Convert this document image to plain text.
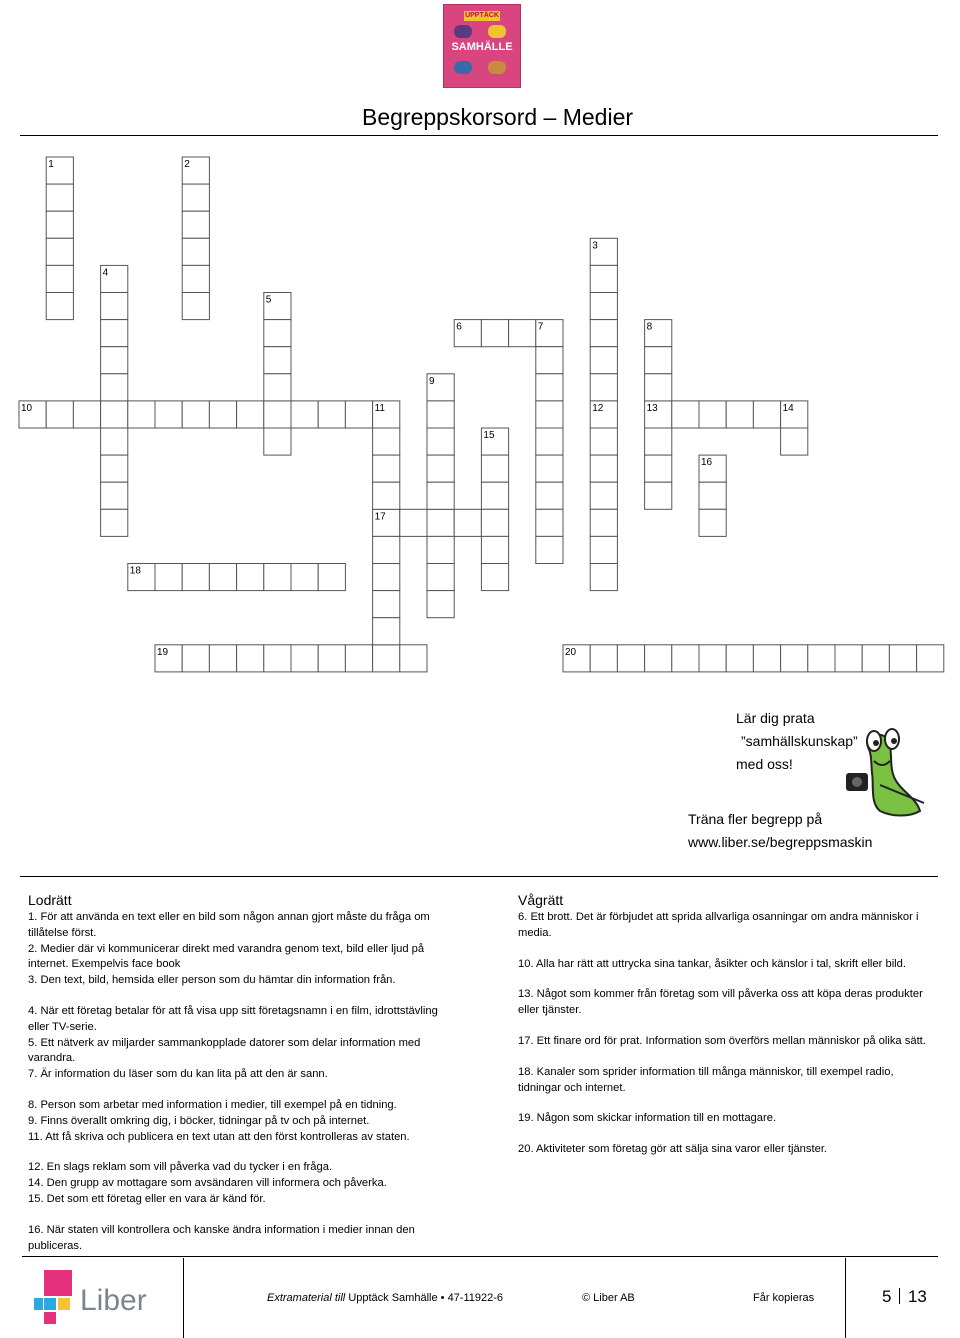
UPPTÄCK
SAMHÄLLE
Begreppskorsord – Medier
1	2
3
4
5
6	7	8
9
10	11	12	13	14
15
16
17
18
19	20
Lär dig prata
”samhällskunskap”
med oss!
Träna fler begrepp på
www.liber.se/begreppsmaskin
Lodrätt

1. För att använda en text eller en bild som någon annan gjort måste du fråga om tillåtelse först.

2. Medier där vi kommunicerar direkt med varandra genom text, bild eller ljud på internet. Exempelvis face book

3. Den text, bild, hemsida eller person som du hämtar din information från.

4. När ett företag betalar för att få visa upp sitt företagsnamn i en film, idrottstävling eller TV-serie.

5. Ett nätverk av miljarder sammankopplade datorer som delar information med varandra.

7. Är information du läser som du kan lita på att den är sann.

8. Person som arbetar med information i medier, till exempel på en tidning.

9. Finns överallt omkring dig, i böcker, tidningar på tv och på internet.

11. Att få skriva och publicera en text utan att den först kontrolleras av staten.

12. En slags reklam som vill påverka vad du tycker i en fråga.

14. Den grupp av mottagare som avsändaren vill informera och påverka.

15. Det som ett företag eller en vara är känd för.

16. När staten vill kontrollera och kanske ändra information i medier innan den publiceras.

Vågrätt

6. Ett brott. Det är förbjudet att sprida allvarliga osanningar om andra människor i media.

10. Alla har rätt att uttrycka sina tankar, åsikter och känslor i tal, skrift eller bild.

13. Något som kommer från företag som vill påverka oss att köpa deras produkter eller tjänster.

17. Ett finare ord för prat. Information som överförs mellan människor på olika sätt.

18. Kanaler som sprider information till många människor, till exempel radio, tidningar och internet.

19. Någon som skickar information till en mottagare.

20. Aktiviteter som företag gör att sälja sina varor eller tjänster.

Liber	Extramaterial till Upptäck Samhälle • 47-11922-6	© Liber AB	Får kopieras	5 13
